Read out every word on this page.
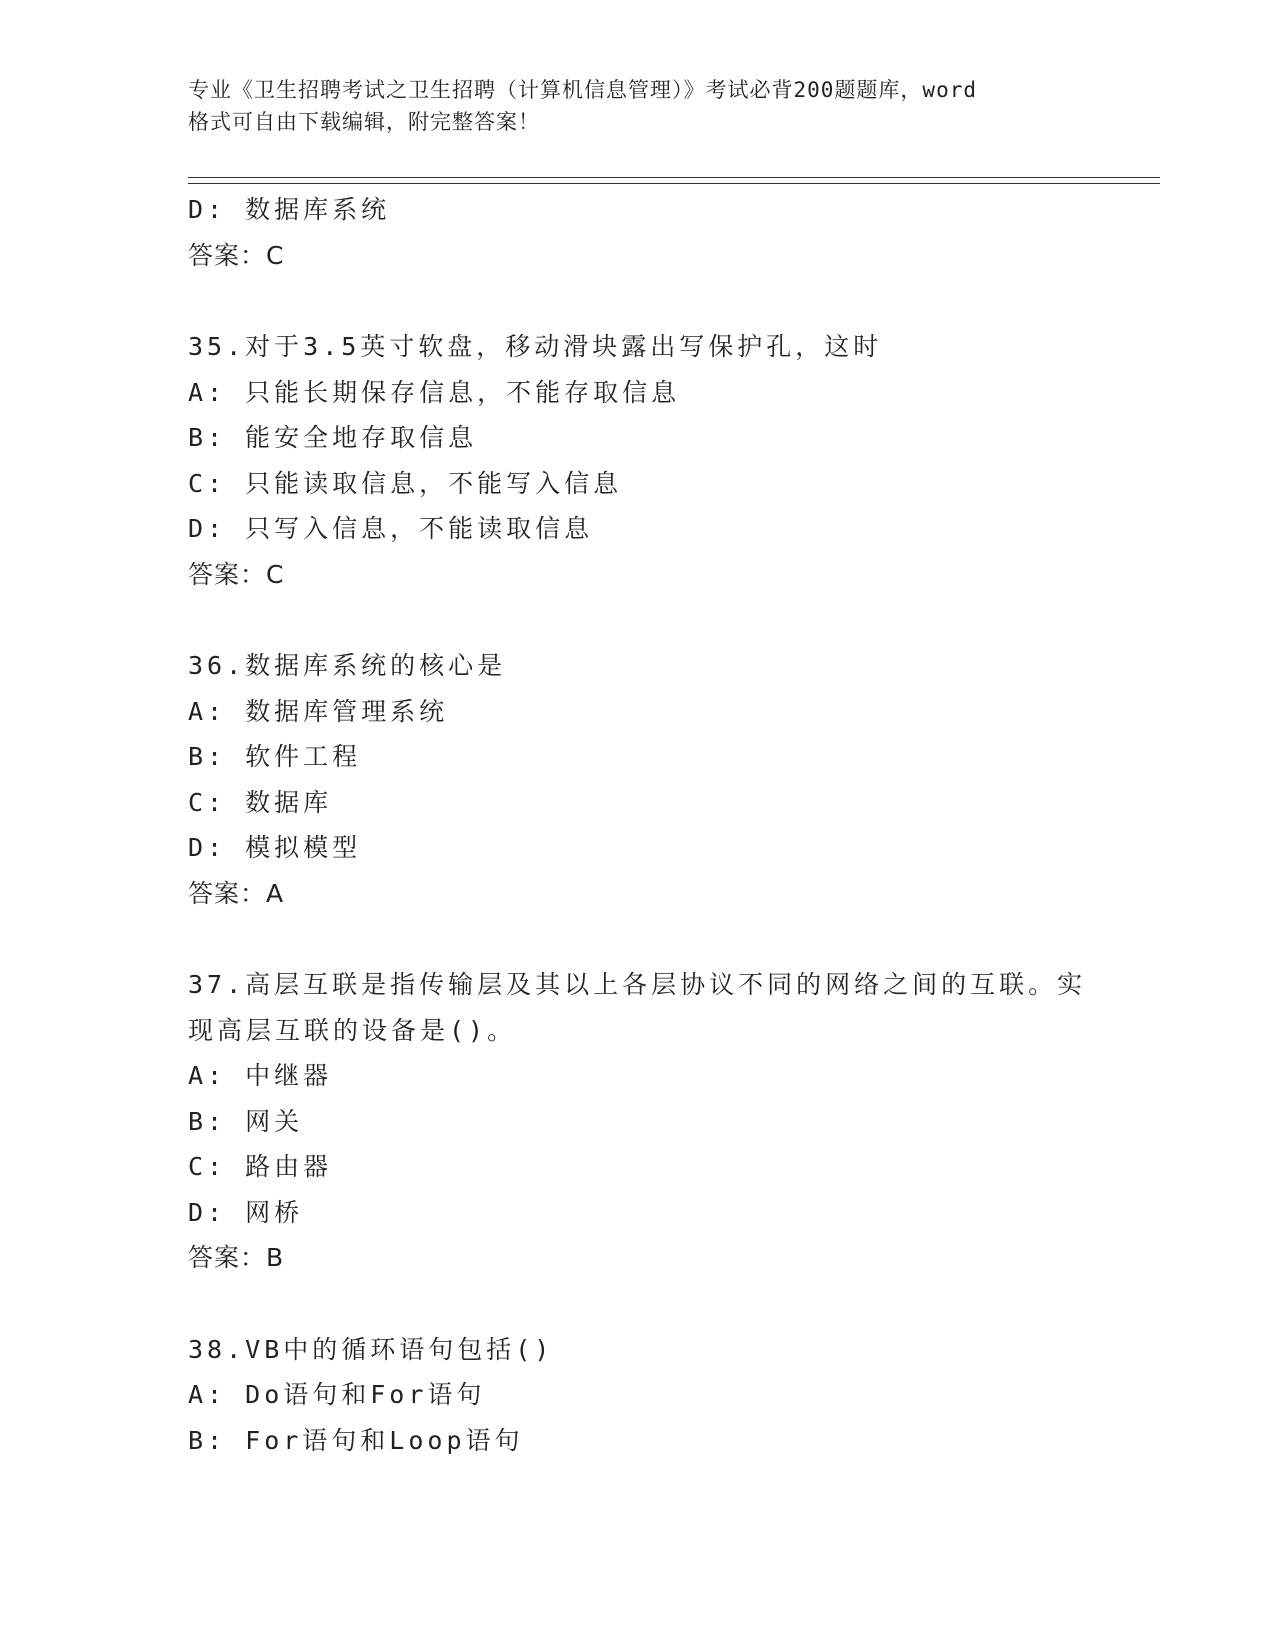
专业《卫生招聘考试之卫生招聘（计算机信息管理）》考试必背200题题库，word
格式可自由下载编辑，附完整答案！
D: 数据库系统
答案：C
35.对于3.5英寸软盘，移动滑块露出写保护孔，这时
A: 只能长期保存信息，不能存取信息
B: 能安全地存取信息
C: 只能读取信息，不能写入信息
D: 只写入信息，不能读取信息
答案：C
36.数据库系统的核心是
A: 数据库管理系统
B: 软件工程
C: 数据库
D: 模拟模型
答案：A
37.高层互联是指传输层及其以上各层协议不同的网络之间的互联。实
现高层互联的设备是()。
A: 中继器
B: 网关
C: 路由器
D: 网桥
答案：B
38.VB中的循环语句包括()
A: Do语句和For语句
B: For语句和Loop语句
